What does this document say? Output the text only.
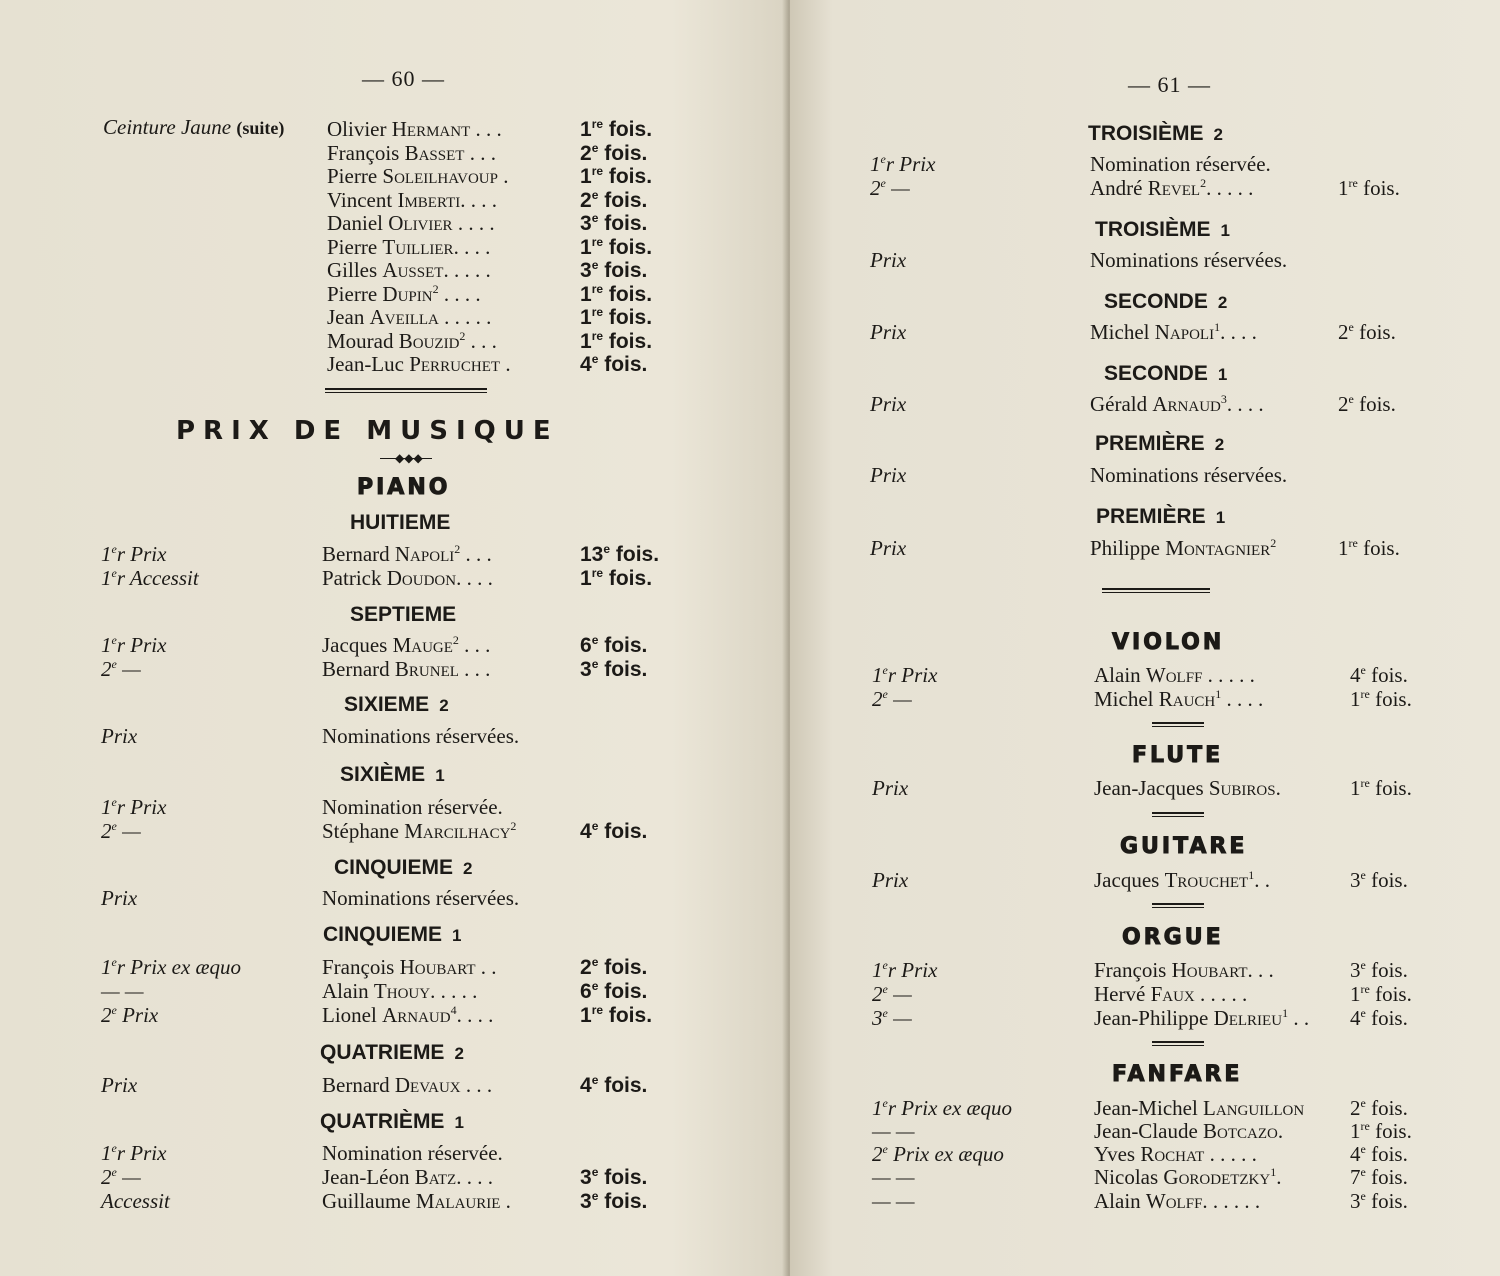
— 60 —
Ceinture Jaune (suite) Olivier Hermant . . .	1re fois.
François Basset . . .	2e fois.
Pierre Soleilhavoup .	1re fois.
Vincent Imberti. . . .	2e fois.
Daniel Olivier . . . .	3e fois.
Pierre Tuillier. . . .	1re fois.
Gilles Ausset. . . . .	3e fois.
Pierre Dupin$^2$ . . . .	1re fois.
Jean Aveilla . . . . .	1re fois.
Mourad Bouzid$^2$ . . .	1re fois.
Jean-Luc Perruchet .	4e fois.
PRIX DE MUSIQUE
◆◆◆
PIANO
HUITIEME
1er Prix	Bernard Napoli$^2$ . . .	13e fois.
1er Accessit	Patrick Doudon. . . .	1re fois.
SEPTIEME
1er Prix	Jacques Mauge$^2$ . . .	6e fois.
2e —	Bernard Brunel . . .	3e fois.
SIXIEME 2
Prix	Nominations réservées.
SIXIÈME 1
1er Prix	Nomination réservée.
2e —	Stéphane Marcilhacy$^2$	4e fois.
CINQUIEME 2
Prix	Nominations réservées.
CINQUIEME 1
1er Prix ex æquo	François Houbart . .	2e fois.
— —	Alain Thouy. . . . .	6e fois.
2e Prix	Lionel Arnaud$^4$. . . .	1re fois.
QUATRIEME 2
Prix	Bernard Devaux . . .	4e fois.
QUATRIÈME 1
1er Prix	Nomination réservée.
2e —	Jean-Léon Batz. . . .	3e fois.
Accessit	Guillaume Malaurie .	3e fois.
— 61 —
TROISIÈME 2
1er Prix	Nomination réservée.
2e —	André Revel$^2$. . . . .	1re fois.
TROISIÈME 1
Prix	Nominations réservées.
SECONDE 2
Prix	Michel Napoli$^1$. . . .	2e fois.
SECONDE 1
Prix	Gérald Arnaud$^3$. . . .	2e fois.
PREMIÈRE 2
Prix	Nominations réservées.
PREMIÈRE 1
Prix	Philippe Montagnier$^2$	1re fois.
VIOLON
1er Prix	Alain Wolff . . . . .	4e fois.
2e —	Michel Rauch$^1$ . . . .	1re fois.
FLUTE
Prix	Jean-Jacques Subiros.	1re fois.
GUITARE
Prix	Jacques Trouchet$^1$. .	3e fois.
ORGUE
1er Prix	François Houbart. . .	3e fois.
2e —	Hervé Faux . . . . .	1re fois.
3e —	Jean-Philippe Delrieu$^1$ . . 4e fois.
FANFARE
1er Prix ex æquo	Jean-Michel Languillon 2e fois.
— —	Jean-Claude Botcazo.	1re fois.
2e Prix ex æquo	Yves Rochat . . . . .	4e fois.
— —	Nicolas Gorodetzky$^1$.	7e fois.
— —	Alain Wolff. . . . . .	3e fois.
